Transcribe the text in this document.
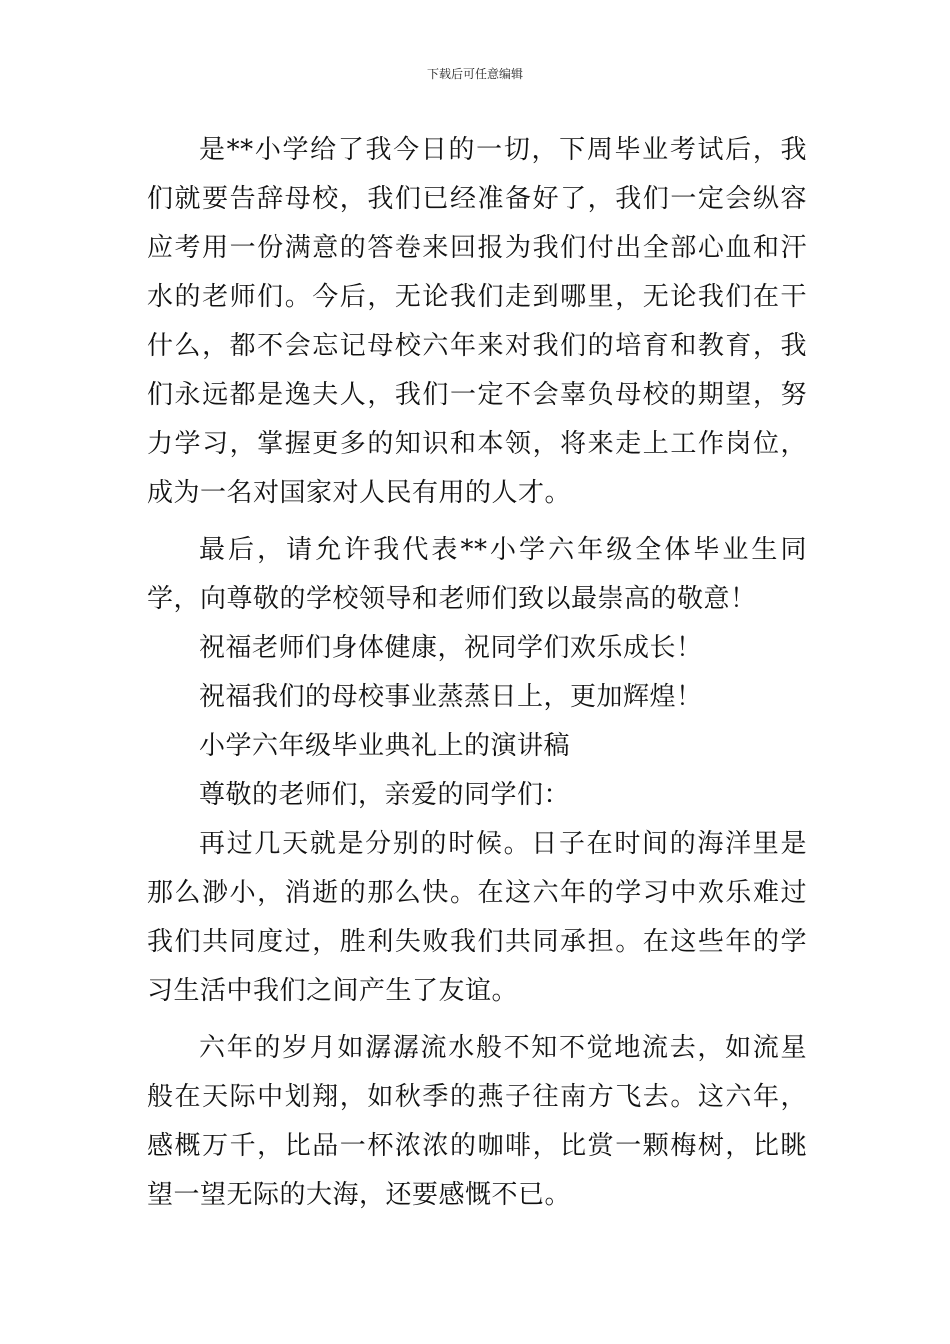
下载后可任意编辑

是**小学给了我今日的一切，下周毕业考试后，我们就要告辞母校，我们已经准备好了，我们一定会纵容应考用一份满意的答卷来回报为我们付出全部心血和汗水的老师们。今后，无论我们走到哪里，无论我们在干什么，都不会忘记母校六年来对我们的培育和教育，我们永远都是逸夫人，我们一定不会辜负母校的期望，努力学习，掌握更多的知识和本领，将来走上工作岗位，成为一名对国家对人民有用的人才。

最后，请允许我代表**小学六年级全体毕业生同学，向尊敬的学校领导和老师们致以最崇高的敬意！

祝福老师们身体健康，祝同学们欢乐成长！

祝福我们的母校事业蒸蒸日上，更加辉煌！

小学六年级毕业典礼上的演讲稿

尊敬的老师们，亲爱的同学们：

再过几天就是分别的时候。日子在时间的海洋里是那么渺小，消逝的那么快。在这六年的学习中欢乐难过我们共同度过，胜利失败我们共同承担。在这些年的学习生活中我们之间产生了友谊。

六年的岁月如潺潺流水般不知不觉地流去，如流星般在天际中划翔，如秋季的燕子往南方飞去。这六年，感概万千，比品一杯浓浓的咖啡，比赏一颗梅树，比眺望一望无际的大海，还要感慨不已。
